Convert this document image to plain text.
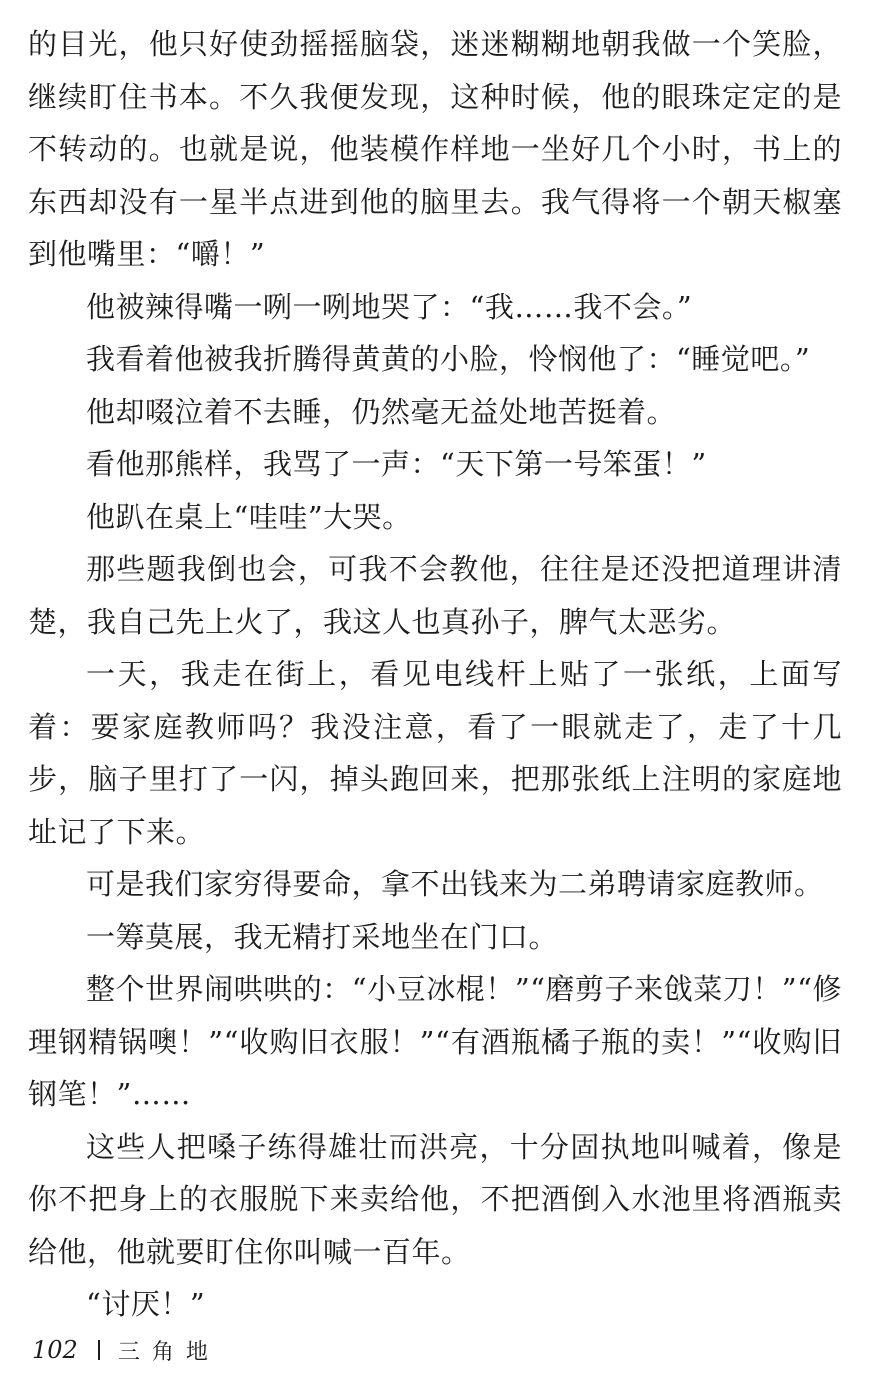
的目光，他只好使劲摇摇脑袋，迷迷糊糊地朝我做一个笑脸，继续盯住书本。不久我便发现，这种时候，他的眼珠定定的是不转动的。也就是说，他装模作样地一坐好几个小时，书上的东西却没有一星半点进到他的脑里去。我气得将一个朝天椒塞到他嘴里：“嚼！”

他被辣得嘴一咧一咧地哭了：“我……我不会。”

我看着他被我折腾得黄黄的小脸，怜悯他了：“睡觉吧。”

他却啜泣着不去睡，仍然毫无益处地苦挺着。

看他那熊样，我骂了一声：“天下第一号笨蛋！”

他趴在桌上“哇哇”大哭。

那些题我倒也会，可我不会教他，往往是还没把道理讲清楚，我自己先上火了，我这人也真孙子，脾气太恶劣。

一天，我走在街上，看见电线杆上贴了一张纸，上面写着：要家庭教师吗？我没注意，看了一眼就走了，走了十几步，脑子里打了一闪，掉头跑回来，把那张纸上注明的家庭地址记了下来。

可是我们家穷得要命，拿不出钱来为二弟聘请家庭教师。

一筹莫展，我无精打采地坐在门口。

整个世界闹哄哄的：“小豆冰棍！”“磨剪子来戗菜刀！”“修理钢精锅噢！”“收购旧衣服！”“有酒瓶橘子瓶的卖！”“收购旧钢笔！”……

这些人把嗓子练得雄壮而洪亮，十分固执地叫喊着，像是你不把身上的衣服脱下来卖给他，不把酒倒入水池里将酒瓶卖给他，他就要盯住你叫喊一百年。

“讨厌！”

102 三角地
